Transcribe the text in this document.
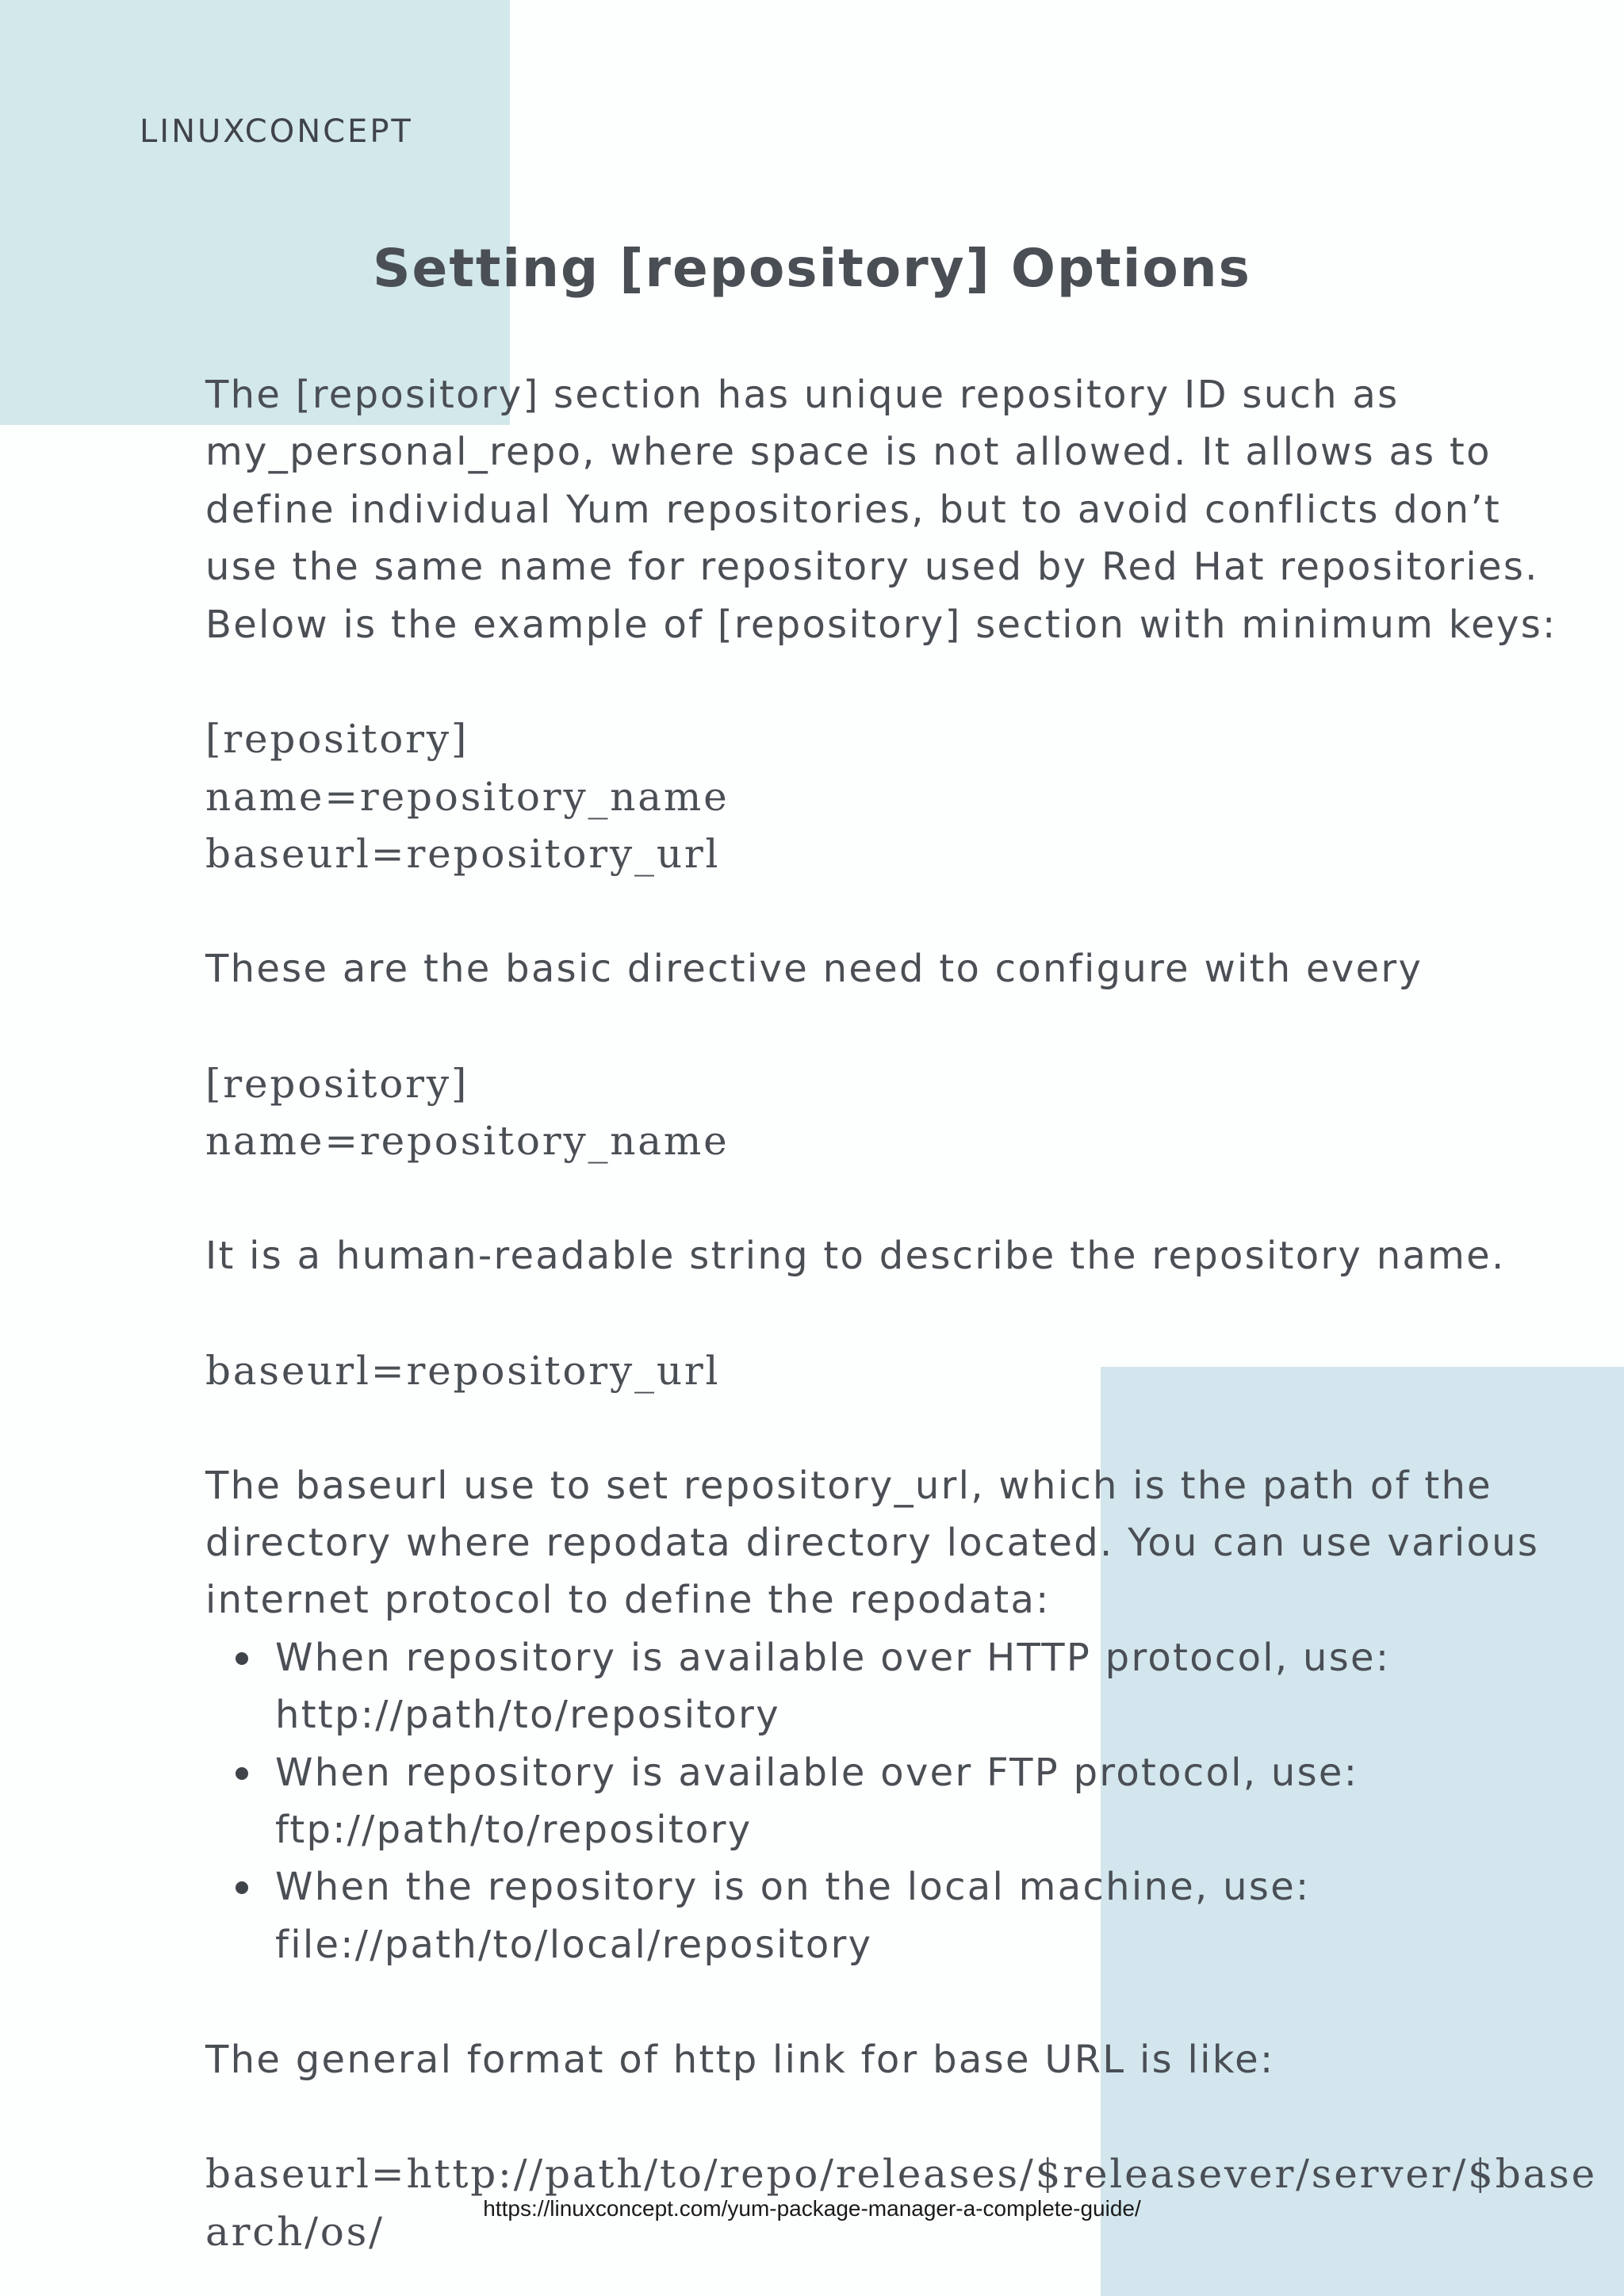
LINUXCONCEPT
Setting [repository] Options

The [repository] section has unique repository ID such as

my_personal_repo, where space is not allowed. It allows as to

define individual Yum repositories, but to avoid conflicts don’t

use the same name for repository used by Red Hat repositories.

Below is the example of [repository] section with minimum keys:

[repository]

name=repository_name

baseurl=repository_url

These are the basic directive need to configure with every

[repository]

name=repository_name

It is a human-readable string to describe the repository name.

baseurl=repository_url

The baseurl use to set repository_url, which is the path of the

directory where repodata directory located. You can use various

internet protocol to define the repodata:

When repository is available over HTTP protocol, use:
http://path/to/repository
When repository is available over FTP protocol, use:
ftp://path/to/repository
When the repository is on the local machine, use:
file://path/to/local/repository

The general format of http link for base URL is like:

baseurl=http://path/to/repo/releases/$releasever/server/$base

arch/os/

https://linuxconcept.com/yum-package-manager-a-complete-guide/
